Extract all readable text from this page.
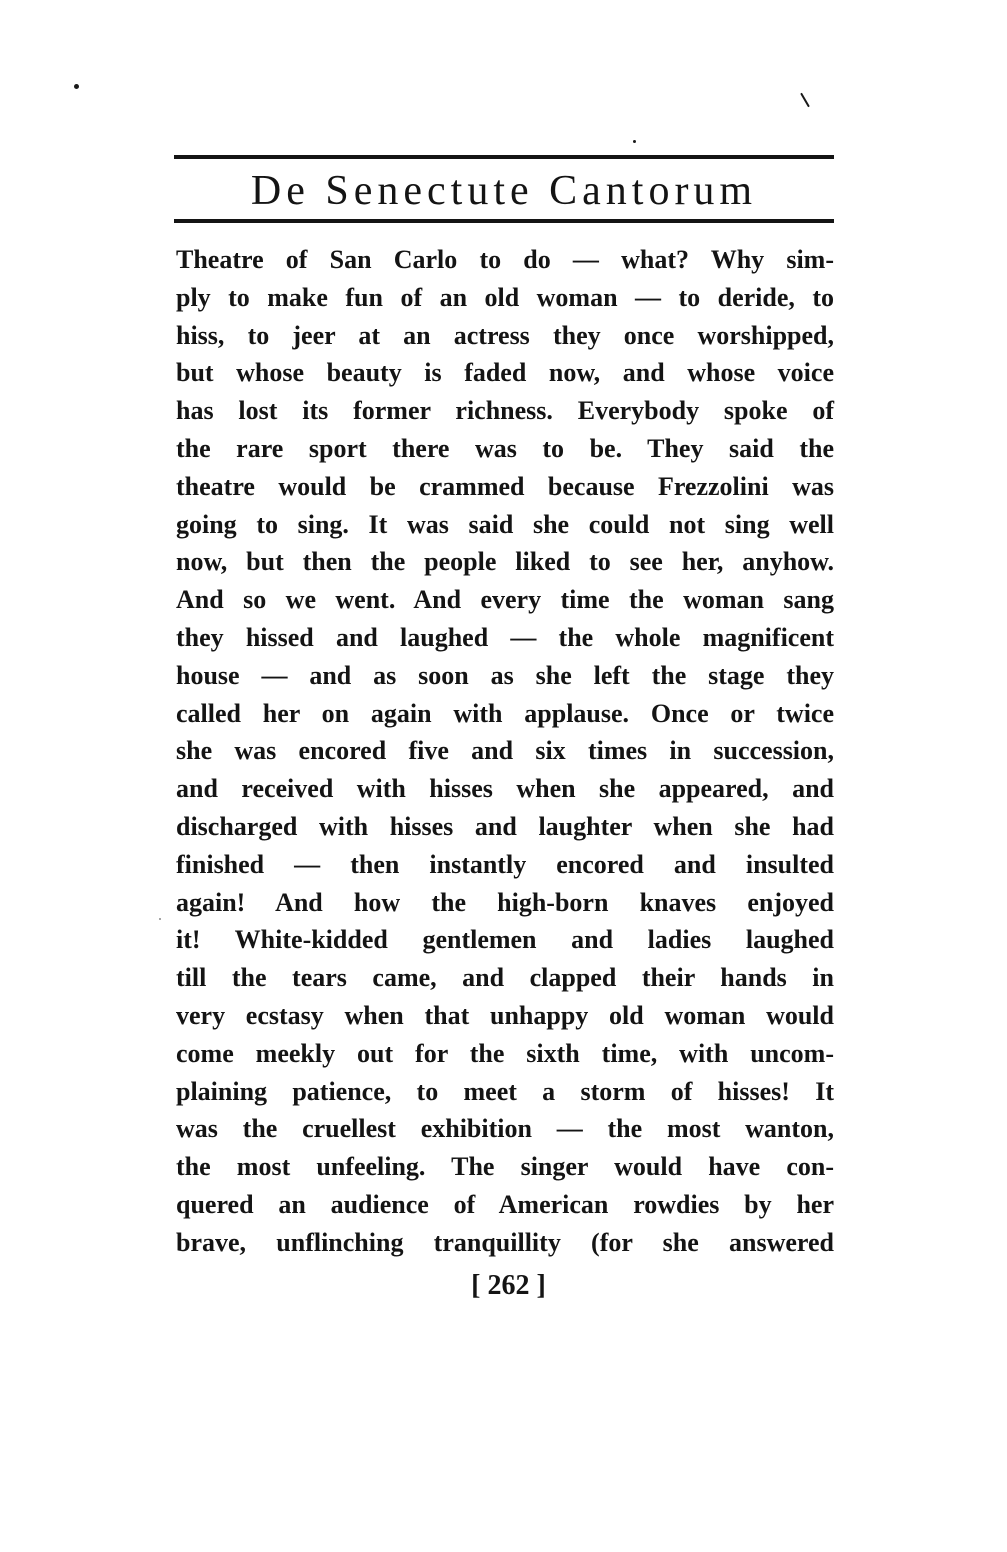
De Senectute Cantorum
Theatre of San Carlo to do — what? Why sim-
ply to make fun of an old woman — to deride, to
hiss, to jeer at an actress they once worshipped,
but whose beauty is faded now, and whose voice
has lost its former richness. Everybody spoke of
the rare sport there was to be. They said the
theatre would be crammed because Frezzolini was
going to sing. It was said she could not sing well
now, but then the people liked to see her, anyhow.
And so we went. And every time the woman sang
they hissed and laughed — the whole magnificent
house — and as soon as she left the stage they
called her on again with applause. Once or twice
she was encored five and six times in succession,
and received with hisses when she appeared, and
discharged with hisses and laughter when she had
finished — then instantly encored and insulted
again! And how the high-born knaves enjoyed
it! White-kidded gentlemen and ladies laughed
till the tears came, and clapped their hands in
very ecstasy when that unhappy old woman would
come meekly out for the sixth time, with uncom-
plaining patience, to meet a storm of hisses! It
was the cruellest exhibition — the most wanton,
the most unfeeling. The singer would have con-
quered an audience of American rowdies by her
brave, unflinching tranquillity (for she answered
[ 262 ]
